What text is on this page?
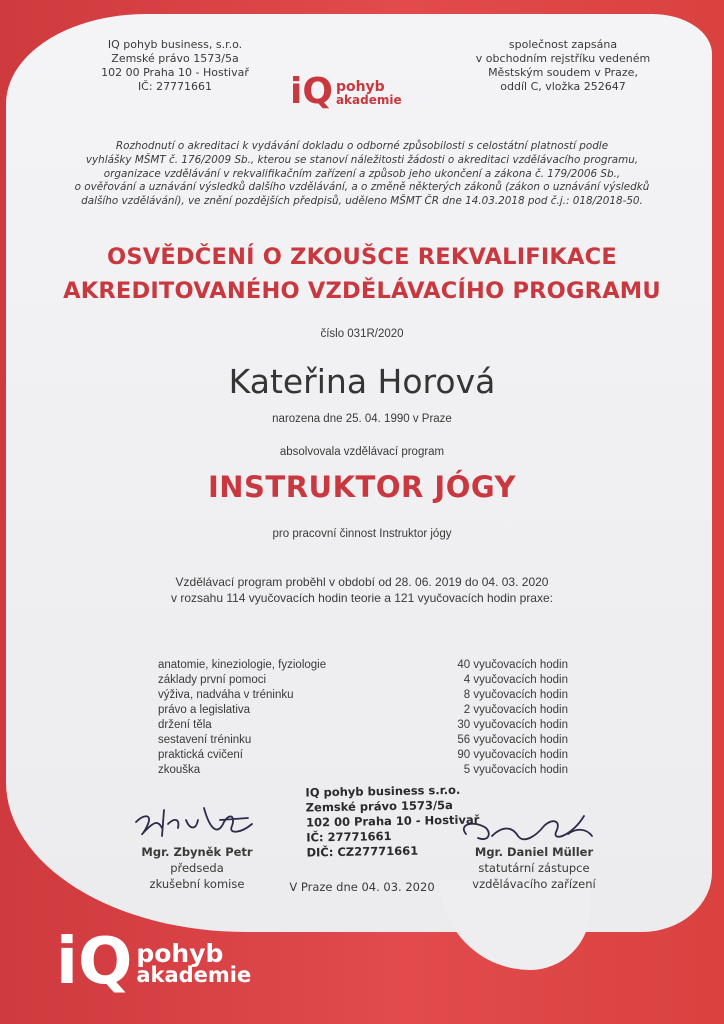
IQ pohyb business, s.r.o.
Zemské právo 1573/5a
102 00 Praha 10 - Hostivař
IČ: 27771661
společnost zapsána
v obchodním rejstříku vedeném
Městským soudem v Praze,
oddíl C, vložka 252647
iQ pohyb
akademie
Rozhodnutí o akreditaci k vydávání dokladu o odborné způsobilosti s celostátní platností podle
vyhlášky MŠMT č. 176/2009 Sb., kterou se stanoví náležitosti žádosti o akreditaci vzdělávacího programu,
organizace vzdělávání v rekvalifikačním zařízení a způsob jeho ukončení a zákona č. 179/2006 Sb.,
o ověřování a uznávání výsledků dalšího vzdělávání, a o změně některých zákonů (zákon o uznávání výsledků
dalšího vzdělávání), ve znění pozdějších předpisů, uděleno MŠMT ČR dne 14.03.2018 pod č.j.: 018/2018-50.
OSVĚDČENÍ O ZKOUŠCE REKVALIFIKACE
AKREDITOVANÉHO VZDĚLÁVACÍHO PROGRAMU
číslo 031R/2020
Kateřina Horová
narozena dne 25. 04. 1990 v Praze
absolvovala vzdělávací program
INSTRUKTOR JÓGY
pro pracovní činnost Instruktor jógy
Vzdělávací program proběhl v období od 28. 06. 2019 do 04. 03. 2020
v rozsahu 114 vyučovacích hodin teorie a 121 vyučovacích hodin praxe:
anatomie, kineziologie, fyziologie	40 vyučovacích hodin
základy první pomoci	4 vyučovacích hodin
výživa, nadváha v tréninku	8 vyučovacích hodin
právo a legislativa	2 vyučovacích hodin
držení těla	30 vyučovacích hodin
sestavení tréninku	56 vyučovacích hodin
praktická cvičení	90 vyučovacích hodin
zkouška	5 vyučovacích hodin
IQ pohyb business s.r.o.
Zemské právo 1573/5a
102 00 Praha 10 - Hostivař
IČ: 27771661
DIČ: CZ27771661
Mgr. Zbyněk Petr
předseda
zkušební komise
Mgr. Daniel Müller
statutární zástupce
vzdělávacího zařízení
V Praze dne 04. 03. 2020
iQ pohyb
akademie
